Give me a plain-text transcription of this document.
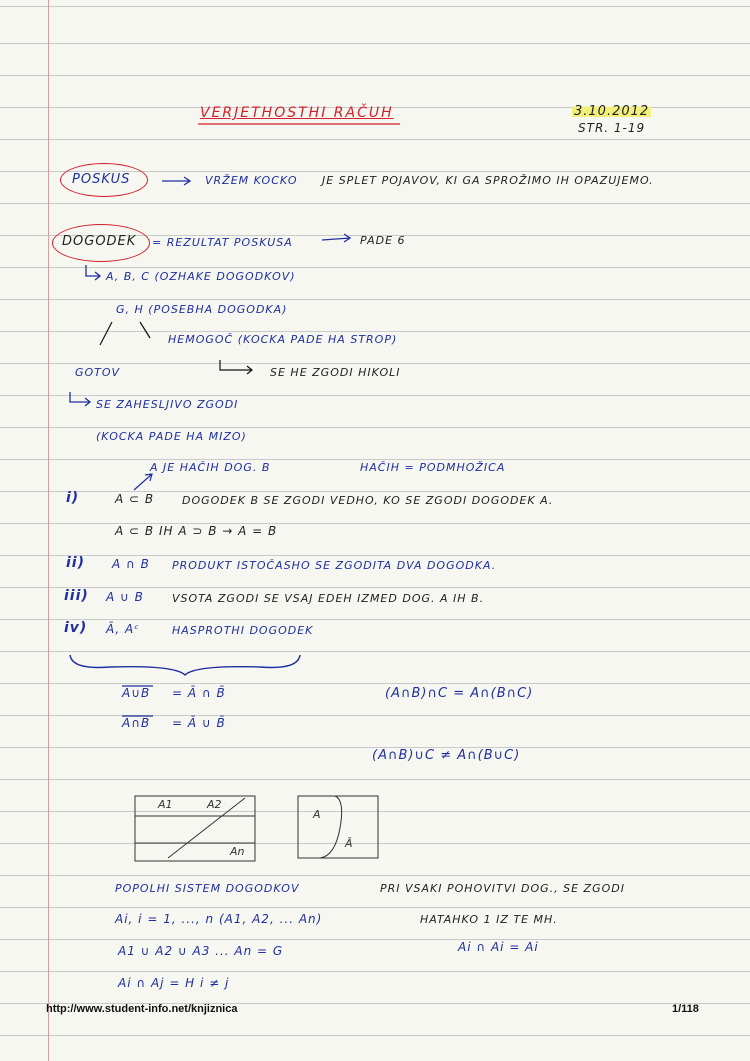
VERJETHOSTHI RAČUH	3.10.2012
STR. 1-19
POSKUS	VRŽEM KOCKO JE SPLET POJAVOV, KI GA SPROŽIMO IH OPAZUJEMO.
DOGODEK = REZULTAT POSKUSA	PADE 6
A, B, C (OZHAKE DOGODKOV)
G, H (POSEBHA DOGODKA)
HEMOGOČ (KOCKA PADE HA STROP)
GOTOV	SE HE ZGODI HIKOLI
SE ZAHESLJIVO ZGODI
(KOCKA PADE HA MIZO)
A JE HAČIH DOG. B	HAČIH = PODMHOŽICA
i)	A ⊂ B	DOGODEK B SE ZGODI VEDHO, KO SE ZGODI DOGODEK A.
A ⊂ B IH A ⊃ B → A = B
ii) A ∩ B PRODUKT ISTOČASHO SE ZGODITA DVA DOGODKA.
iii) A ∪ B	VSOTA ZGODI SE VSAJ EDEH IZMED DOG. A IH B.
iv) Ā, Aᶜ	HASPROTHI DOGODEK
A∪B = Ā ∩ B̄
A∩B = Ā ∪ B̄
(A∩B)∩C = A∩(B∩C)
(A∩B)∪C ≠ A∩(B∪C)
A1	A2
An
A
Ā
POPOLHI SISTEM DOGODKOV	PRI VSAKI POHOVITVI DOG., SE ZGODI
Ai, i = 1, ..., n (A1, A2, ... An)	HATAHKO 1 IZ TE MH.
A1 ∪ A2 ∪ A3 ... An = G	Ai ∩ Ai = Ai
Ai ∩ Aj = H i ≠ j
http://www.student-info.net/knjiznica	1/118
